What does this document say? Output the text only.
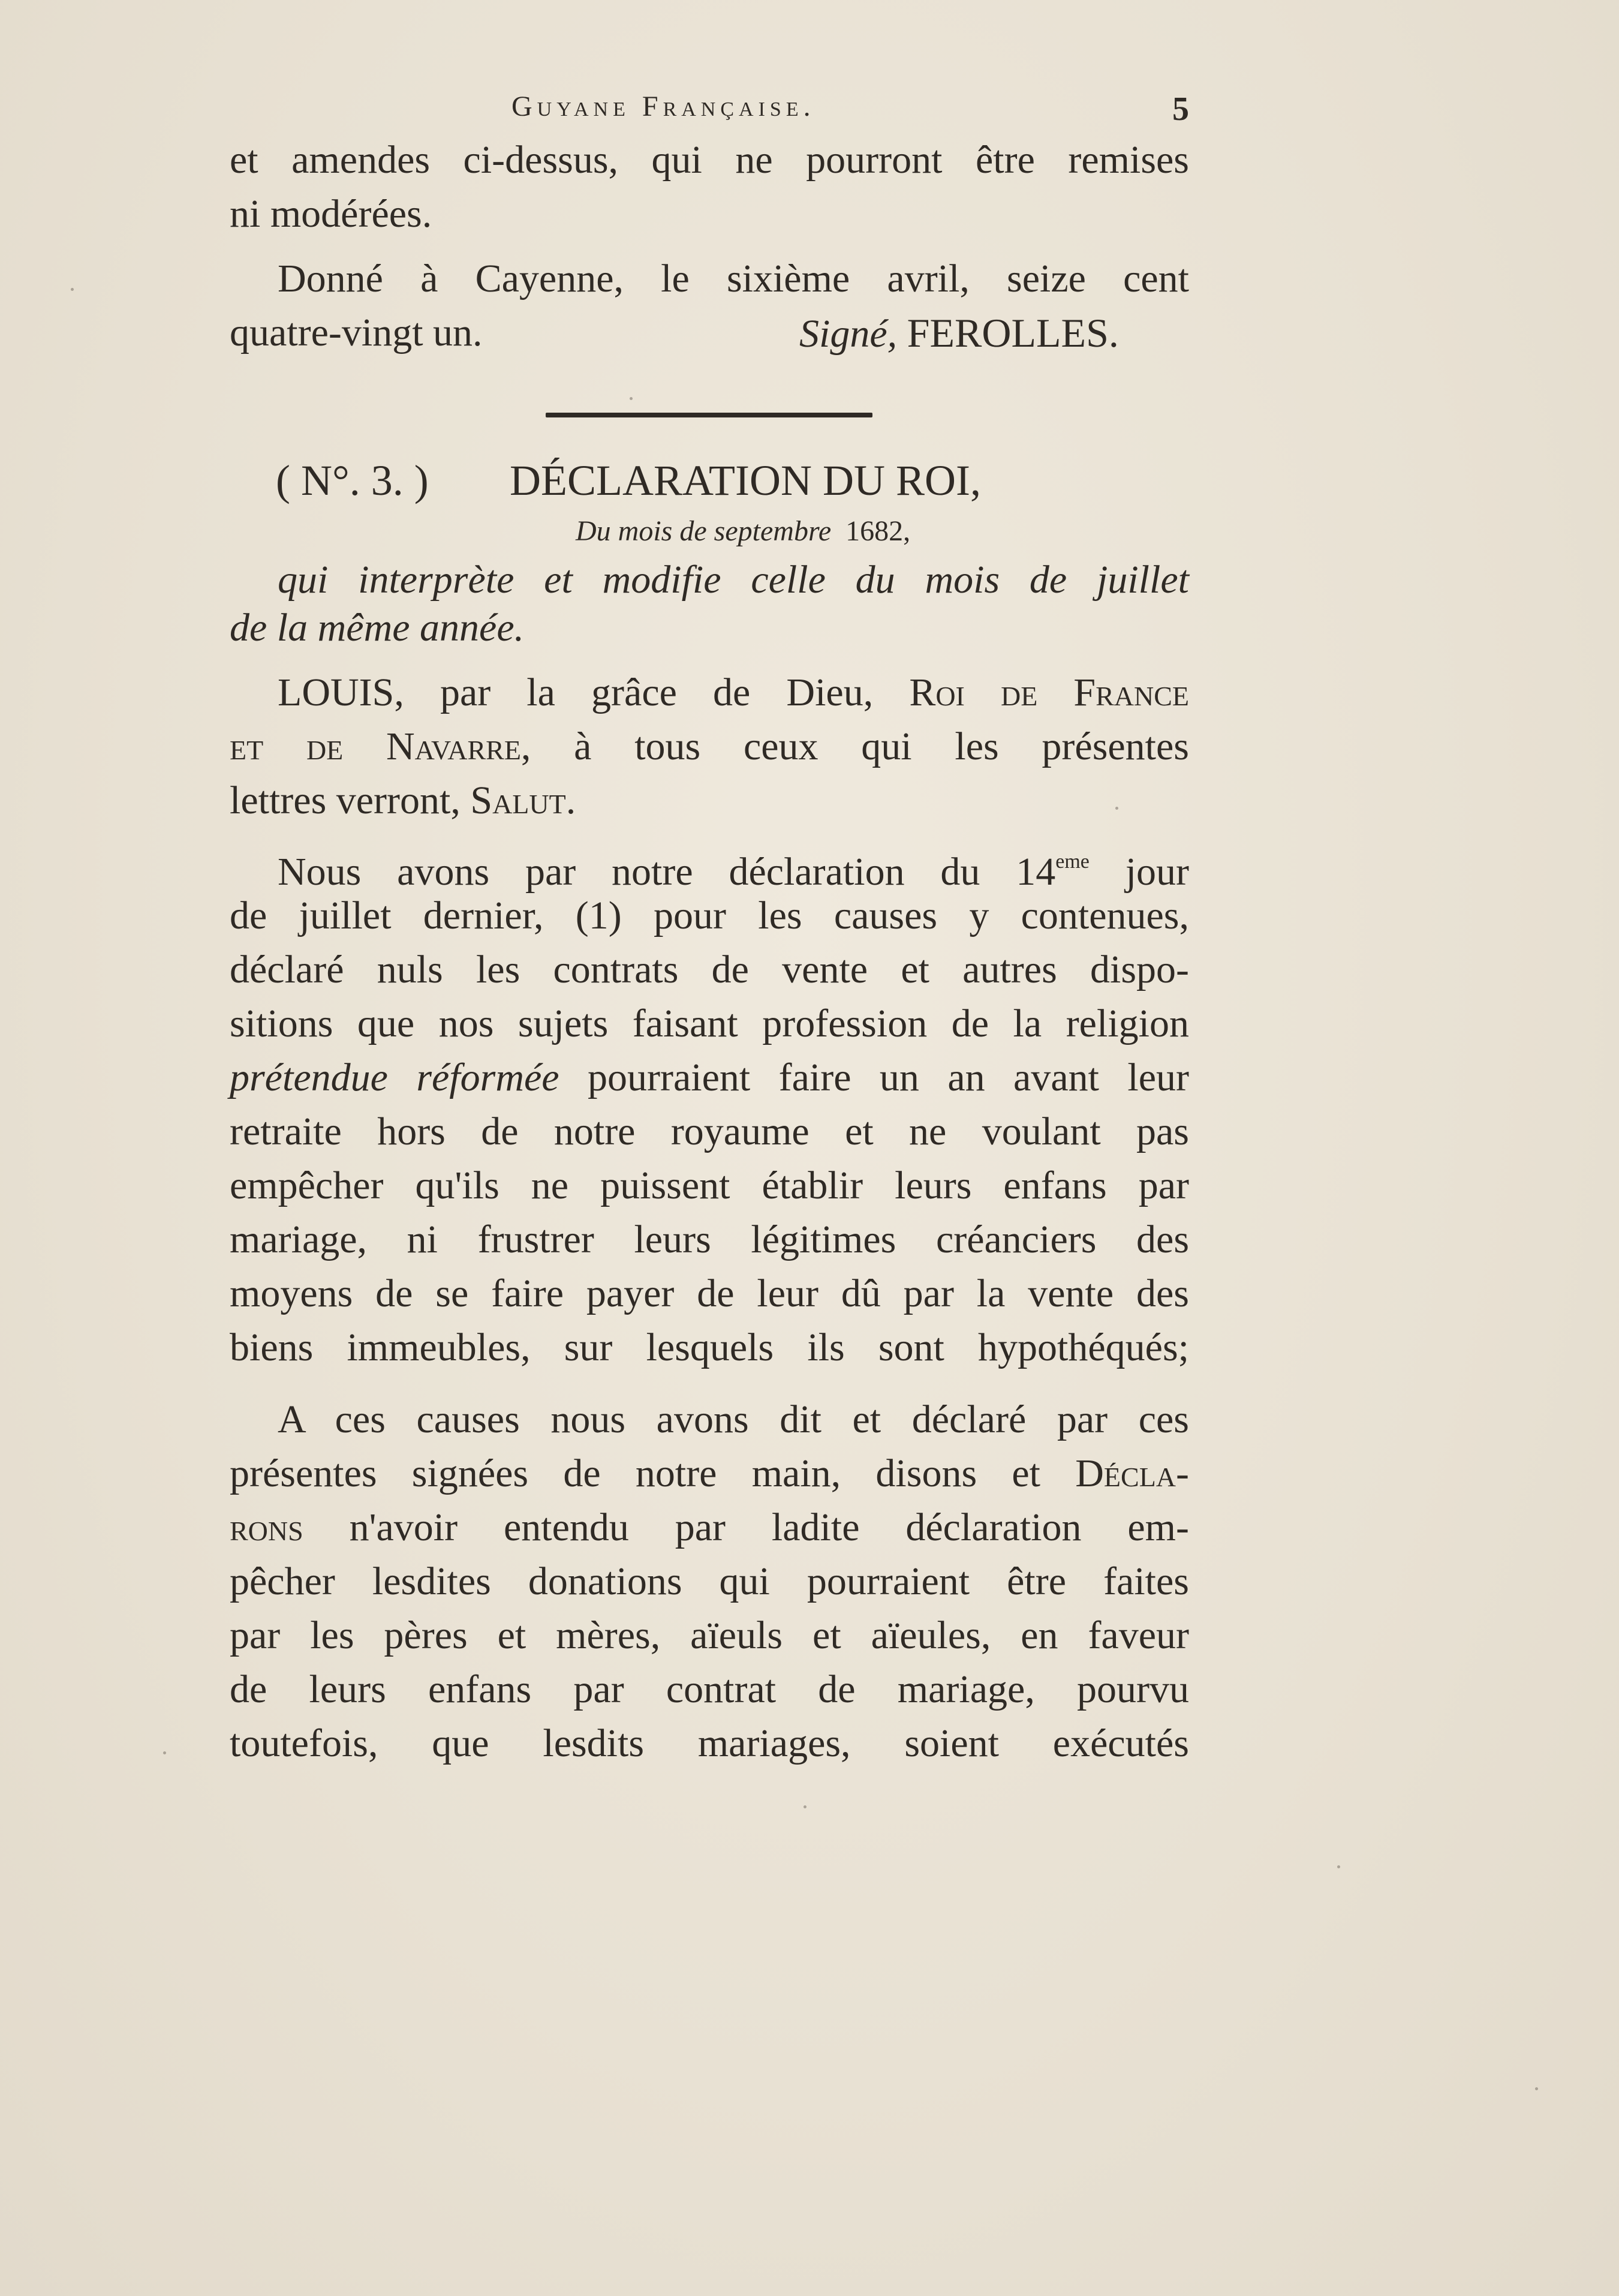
Guyane Française.	5
et amendes ci-dessus, qui ne pourront être remises
ni modérées.
Donné à Cayenne, le sixième avril, seize cent
quatre-vingt un.	Signé, FEROLLES.
( N°. 3. ) DÉCLARATION DU ROI,
Du mois de septembre 1682,
qui interprète et modifie celle du mois de juillet
de la même année.
LOUIS, par la grâce de Dieu, Roi de France
et de Navarre, à tous ceux qui les présentes
lettres verront, Salut.
Nous avons par notre déclaration du 14eme jour
de juillet dernier, (1) pour les causes y contenues,
déclaré nuls les contrats de vente et autres dispo-
sitions que nos sujets faisant profession de la religion
prétendue réformée pourraient faire un an avant leur
retraite hors de notre royaume et ne voulant pas
empêcher qu'ils ne puissent établir leurs enfans par
mariage, ni frustrer leurs légitimes créanciers des
moyens de se faire payer de leur dû par la vente des
biens immeubles, sur lesquels ils sont hypothéqués;
A ces causes nous avons dit et déclaré par ces
présentes signées de notre main, disons et Décla-
rons n'avoir entendu par ladite déclaration em-
pêcher lesdites donations qui pourraient être faites
par les pères et mères, aïeuls et aïeules, en faveur
de leurs enfans par contrat de mariage, pourvu
toutefois, que lesdits mariages, soient exécutés
